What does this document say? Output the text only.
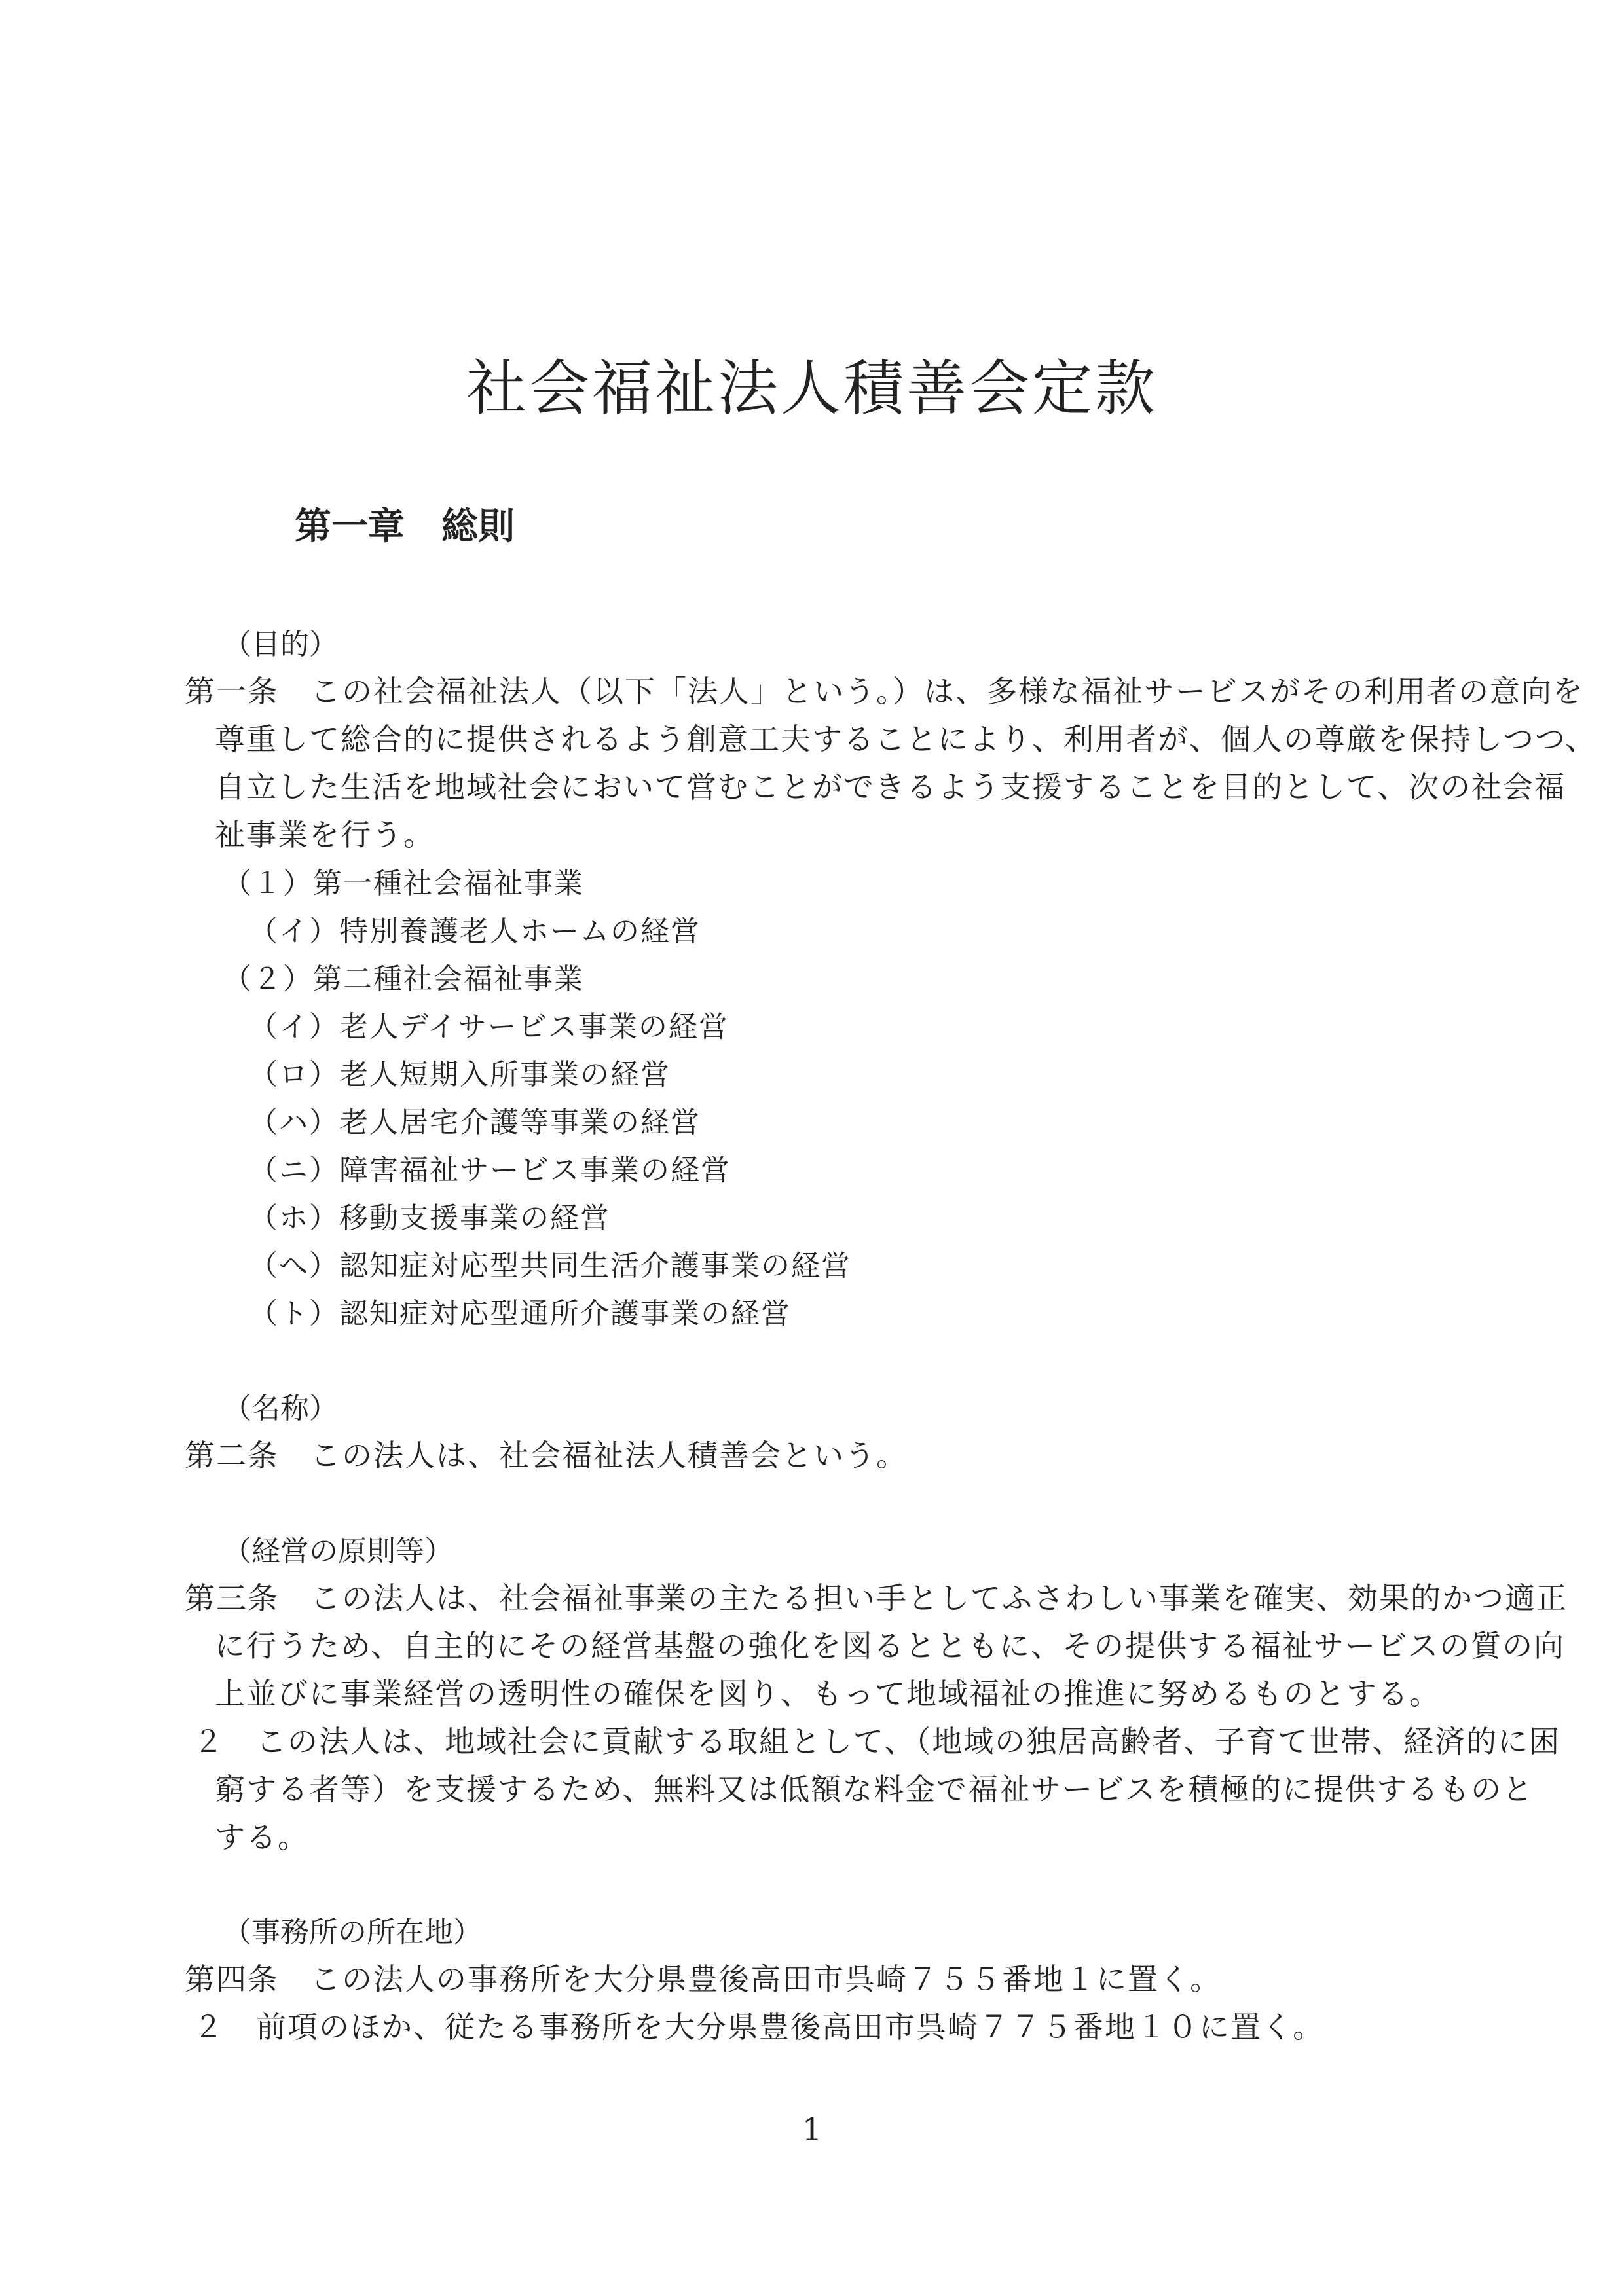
社会福祉法人積善会定款
第一章　総則
（目的）
第一条　この社会福祉法人（以下「法人」という。）は、多様な福祉サービスがその利用者の意向を
尊重して総合的に提供されるよう創意工夫することにより、利用者が、個人の尊厳を保持しつつ、
自立した生活を地域社会において営むことができるよう支援することを目的として、次の社会福
祉事業を行う。
（１）第一種社会福祉事業
（イ）特別養護老人ホームの経営
（２）第二種社会福祉事業
（イ）老人デイサービス事業の経営
（ロ）老人短期入所事業の経営
（ハ）老人居宅介護等事業の経営
（ニ）障害福祉サービス事業の経営
（ホ）移動支援事業の経営
（へ）認知症対応型共同生活介護事業の経営
（ト）認知症対応型通所介護事業の経営
（名称）
第二条　この法人は、社会福祉法人積善会という。
（経営の原則等）
第三条　この法人は、社会福祉事業の主たる担い手としてふさわしい事業を確実、効果的かつ適正
に行うため、自主的にその経営基盤の強化を図るとともに、その提供する福祉サービスの質の向
上並びに事業経営の透明性の確保を図り、もって地域福祉の推進に努めるものとする。
２　この法人は、地域社会に貢献する取組として、（地域の独居高齢者、子育て世帯、経済的に困
窮する者等）を支援するため、無料又は低額な料金で福祉サービスを積極的に提供するものと
する。
（事務所の所在地）
第四条　この法人の事務所を大分県豊後高田市呉崎７５５番地１に置く。
２　前項のほか、従たる事務所を大分県豊後高田市呉崎７７５番地１０に置く。
1
